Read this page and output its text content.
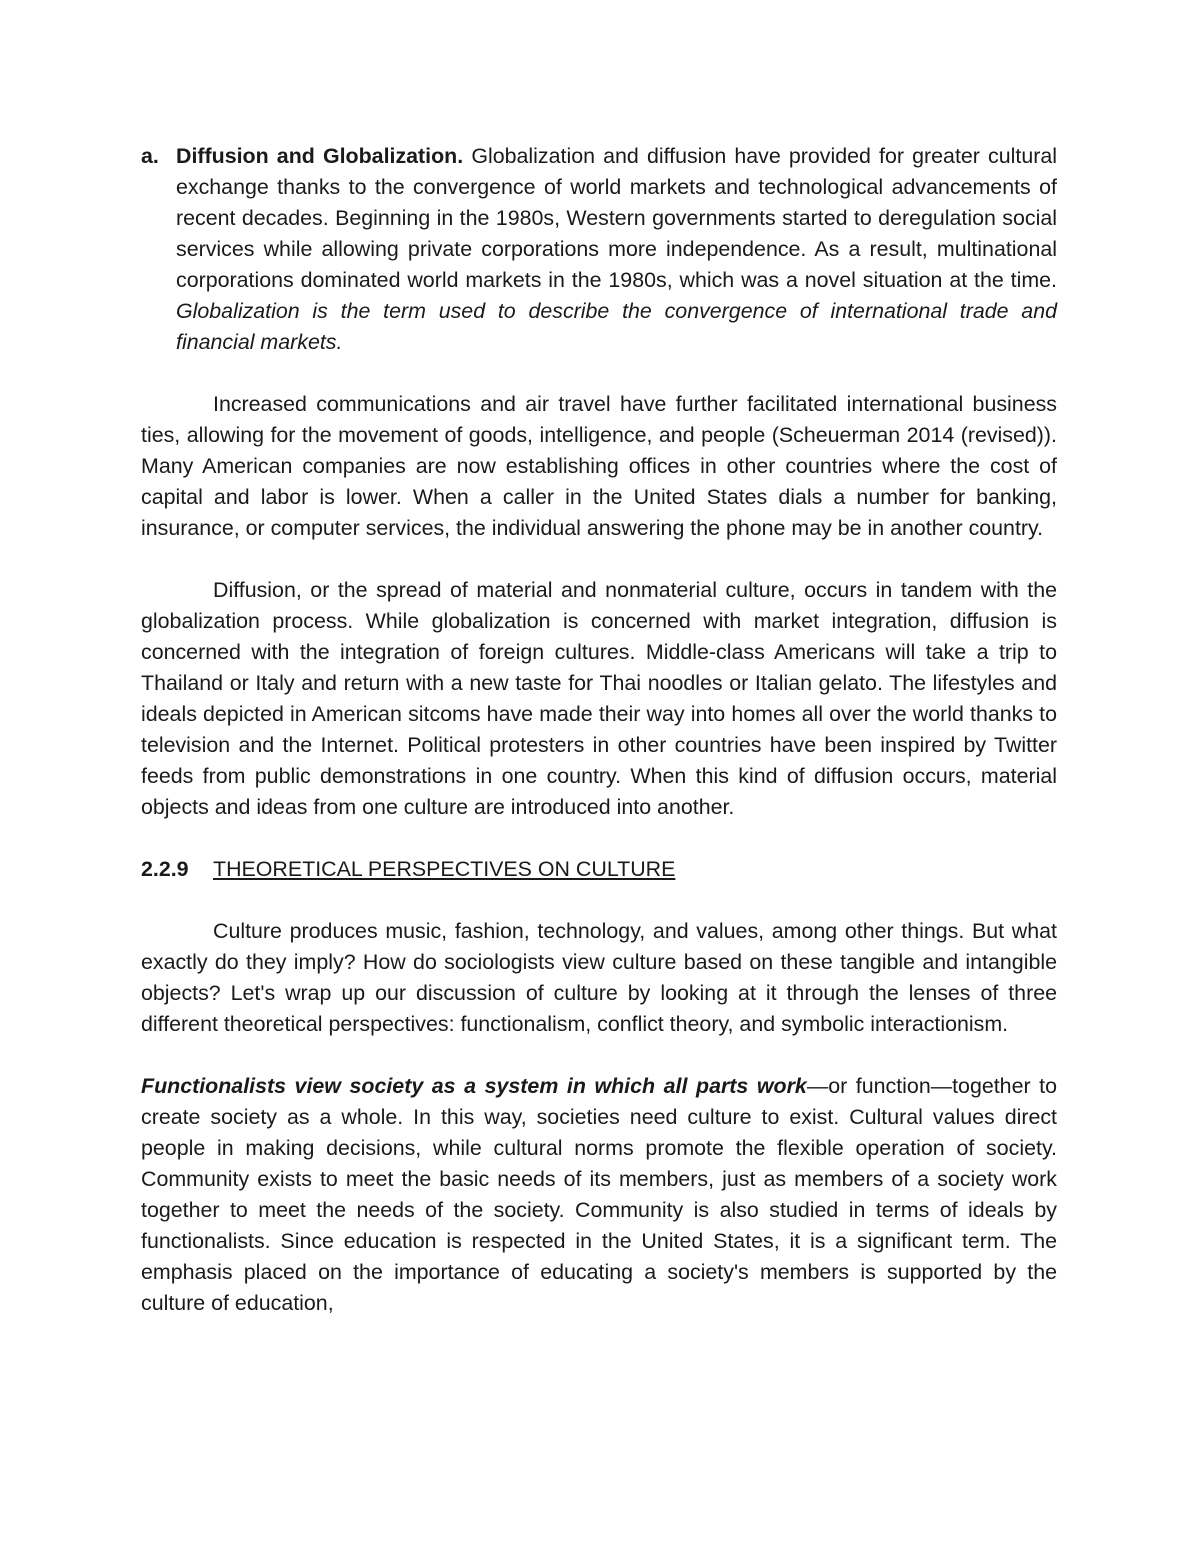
a. Diffusion and Globalization. Globalization and diffusion have provided for greater cultural exchange thanks to the convergence of world markets and technological advancements of recent decades. Beginning in the 1980s, Western governments started to deregulation social services while allowing private corporations more independence. As a result, multinational corporations dominated world markets in the 1980s, which was a novel situation at the time. Globalization is the term used to describe the convergence of international trade and financial markets.

Increased communications and air travel have further facilitated international business ties, allowing for the movement of goods, intelligence, and people (Scheuerman 2014 (revised)). Many American companies are now establishing offices in other countries where the cost of capital and labor is lower. When a caller in the United States dials a number for banking, insurance, or computer services, the individual answering the phone may be in another country.

Diffusion, or the spread of material and nonmaterial culture, occurs in tandem with the globalization process. While globalization is concerned with market integration, diffusion is concerned with the integration of foreign cultures. Middle-class Americans will take a trip to Thailand or Italy and return with a new taste for Thai noodles or Italian gelato. The lifestyles and ideals depicted in American sitcoms have made their way into homes all over the world thanks to television and the Internet. Political protesters in other countries have been inspired by Twitter feeds from public demonstrations in one country. When this kind of diffusion occurs, material objects and ideas from one culture are introduced into another.

2.2.9 THEORETICAL PERSPECTIVES ON CULTURE

Culture produces music, fashion, technology, and values, among other things. But what exactly do they imply? How do sociologists view culture based on these tangible and intangible objects? Let's wrap up our discussion of culture by looking at it through the lenses of three different theoretical perspectives: functionalism, conflict theory, and symbolic interactionism.

Functionalists view society as a system in which all parts work—or function—together to create society as a whole. In this way, societies need culture to exist. Cultural values direct people in making decisions, while cultural norms promote the flexible operation of society. Community exists to meet the basic needs of its members, just as members of a society work together to meet the needs of the society. Community is also studied in terms of ideals by functionalists. Since education is respected in the United States, it is a significant term. The emphasis placed on the importance of educating a society's members is supported by the culture of education,
